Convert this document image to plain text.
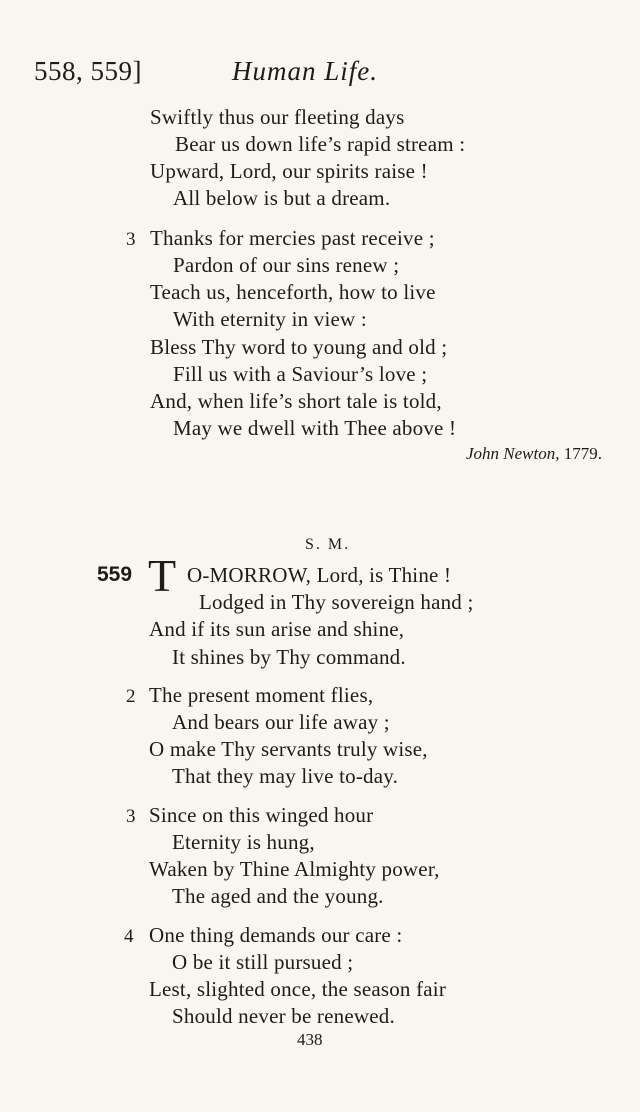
558, 559]	Human Life.
Swiftly thus our fleeting days
Bear us down life’s rapid stream :
Upward, Lord, our spirits raise !
All below is but a dream.
3 Thanks for mercies past receive ;
Pardon of our sins renew ;
Teach us, henceforth, how to live
With eternity in view :
Bless Thy word to young and old ;
Fill us with a Saviour’s love ;
And, when life’s short tale is told,
May we dwell with Thee above !
John Newton, 1779.
S. M.
559 T O-MORROW, Lord, is Thine !
Lodged in Thy sovereign hand ;
And if its sun arise and shine,
It shines by Thy command.
2 The present moment flies,
And bears our life away ;
O make Thy servants truly wise,
That they may live to-day.
3 Since on this winged hour
Eternity is hung,
Waken by Thine Almighty power,
The aged and the young.
4 One thing demands our care :
O be it still pursued ;
Lest, slighted once, the season fair
Should never be renewed.
438
